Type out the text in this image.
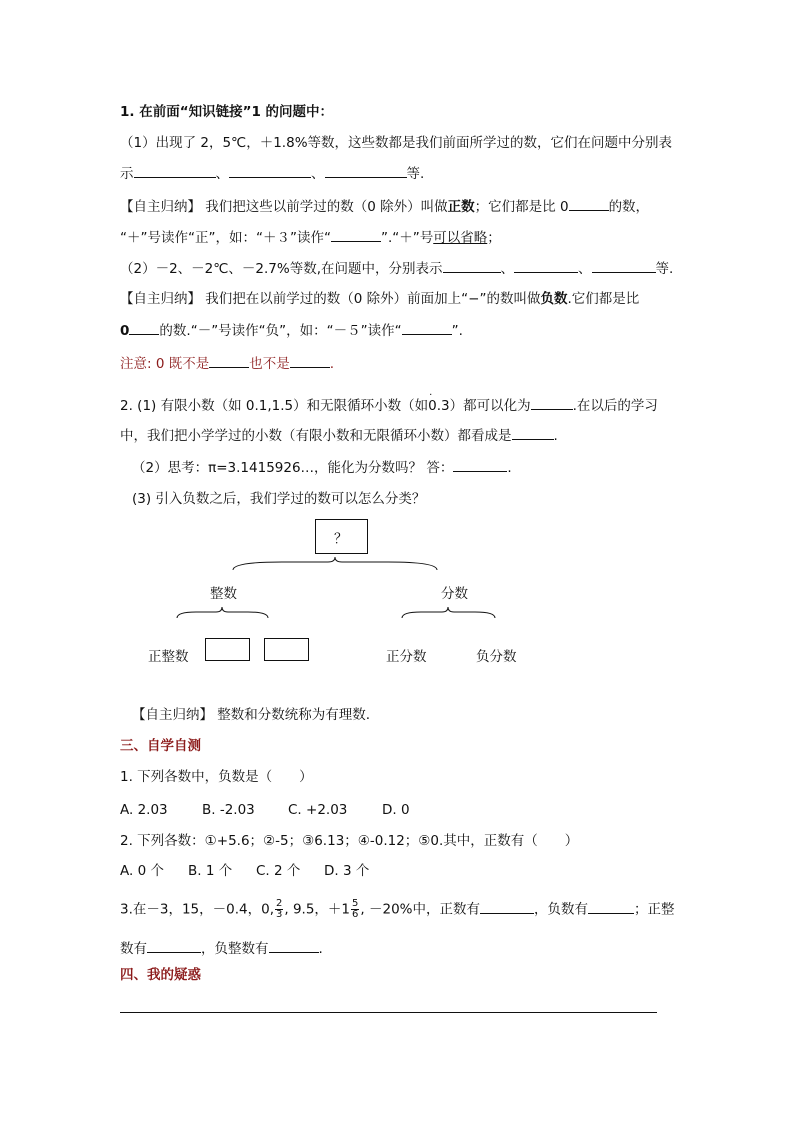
1. 在前面“知识链接”1 的问题中：
（1）出现了 2，5℃，＋1.8%等数，这些数都是我们前面所学过的数，它们在问题中分别表
示	、	、	等.
【自主归纳】 我们把这些以前学过的数（0 除外）叫做正数；它们都是比 0	的数，
“＋”号读作“正”，如：“＋３”读作“	”.“＋”号可以省略；
（2）－2、－2℃、－2.7%等数,在问题中，分别表示	、	、	等.
【自主归纳】 我们把在以前学过的数（0 除外）前面加上“−”的数叫做负数.它们都是比
0 的数.“－”号读作“负”，如：“－５”读作“	”.
注意: 0 既不是	也不是	.
2. (1) 有限小数（如 0.1,1.5）和无限循环小数（如
·
0.3）都可以化为	.在以后的学习
中，我们把小学学过的小数（有限小数和无限循环小数）都看成是	.
（2）思考：π=3.1415926…，能化为分数吗？ 答：	.
(3) 引入负数之后，我们学过的数可以怎么分类？
？
整数	分数
正整数	正分数	负分数
【自主归纳】 整数和分数统称为有理数.
三、自学自测
1. 下列各数中，负数是（　　）
A. 2.03	B. -2.03 C. +2.03	D. 0
2. 下列各数：①+5.6；②-5；③6.13；④-0.12；⑤0.其中，正数有（　　）
A. 0 个 B. 1 个 C. 2 个 D. 3 个
3.在－3，15，－0.4，0, $\frac{2}{3}$ , 9.5，$+1 \frac{5}{6}$ , －20%中，正数有	，负数有	；正整
数有	，负整数有	.
四、我的疑惑
